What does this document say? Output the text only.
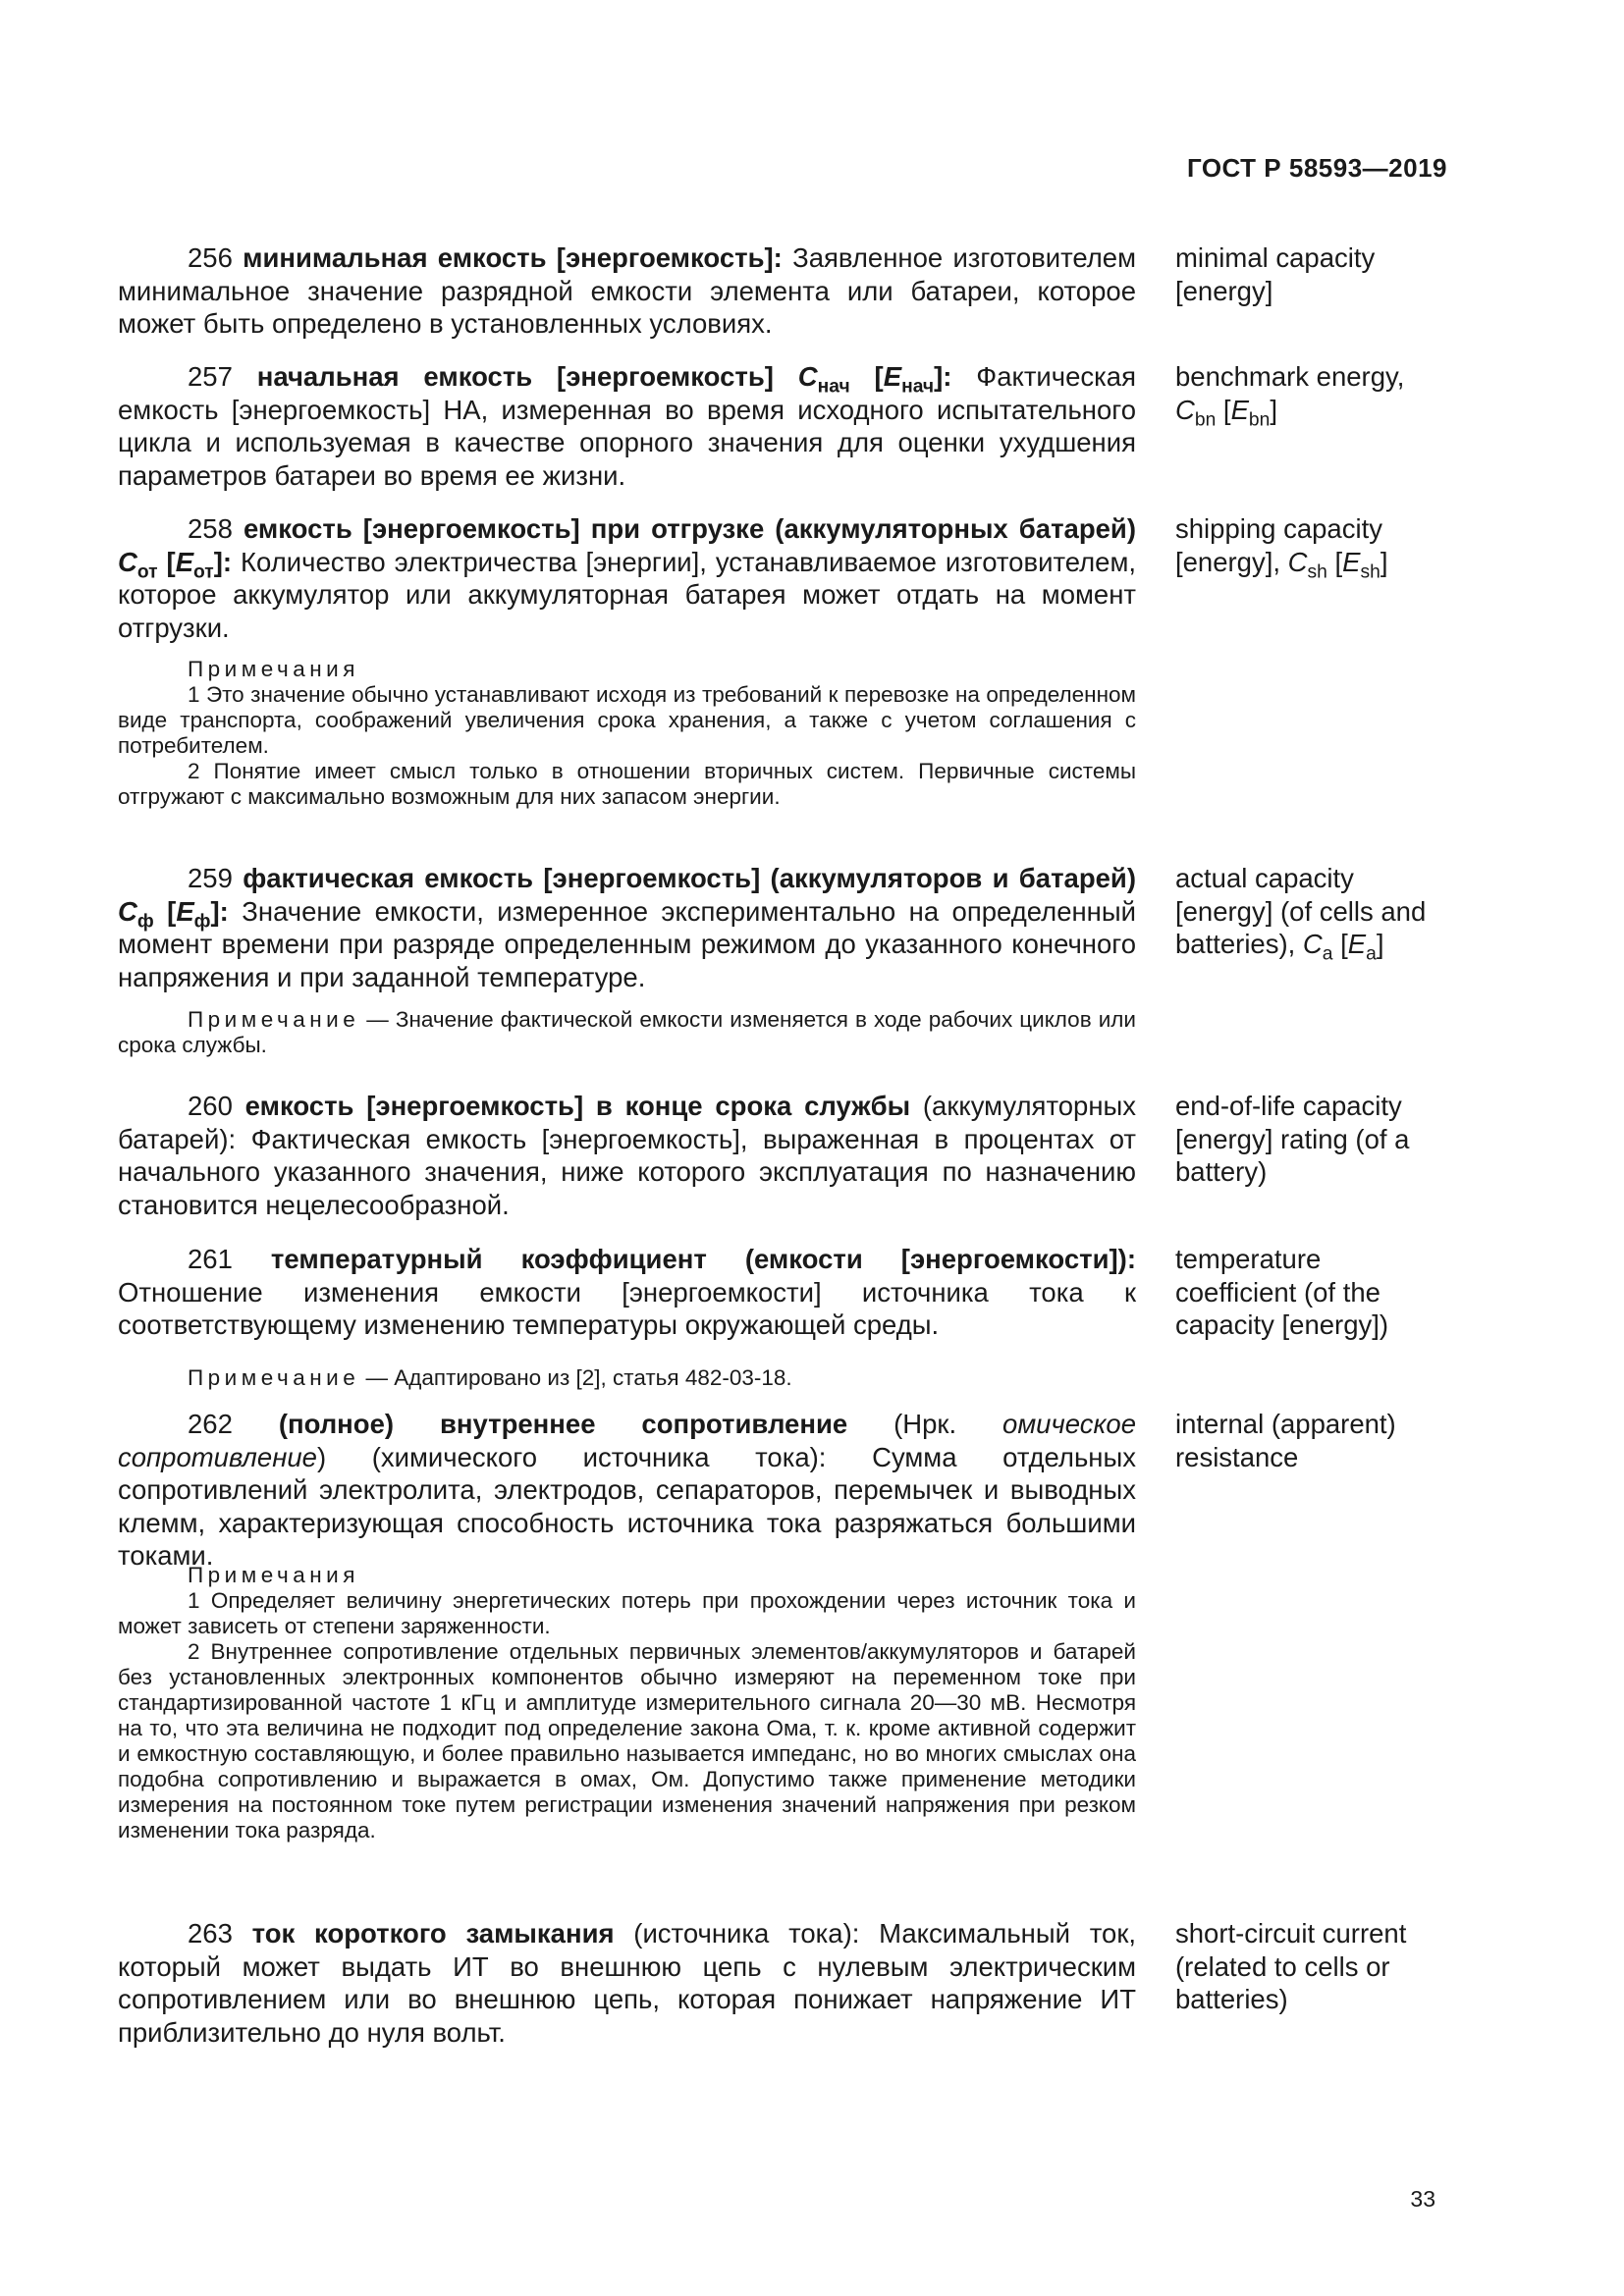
ГОСТ Р 58593—2019
256 минимальная емкость [энергоемкость]: Заявленное изготовителем минимальное значение разрядной емкости элемента или батареи, которое может быть определено в установленных условиях.
minimal capacity [energy]
257 начальная емкость [энергоемкость] $C_{нач}$ $[E_{нач}]$: Фактическая емкость [энергоемкость] НА, измеренная во время исходного испытательного цикла и используемая в качестве опорного значения для оценки ухудшения параметров батареи во время ее жизни.
benchmark energy,
$C_{bn}$ $[E_{bn}]$
258 емкость [энергоемкость] при отгрузке (аккумуляторных батарей) $C_{от}$ $[E_{от}]$: Количество электричества [энергии], устанавливаемое изготовителем, которое аккумулятор или аккумуляторная батарея может отдать на момент отгрузки.
shipping capacity [energy], $C_{sh}$ $[E_{sh}]$
Примечания
1 Это значение обычно устанавливают исходя из требований к перевозке на определенном виде транспорта, соображений увеличения срока хранения, а также с учетом соглашения с потребителем.
2 Понятие имеет смысл только в отношении вторичных систем. Первичные системы отгружают с максимально возможным для них запасом энергии.
259 фактическая емкость [энергоемкость] (аккумуляторов и батарей) $C_ф$ $[E_ф]$: Значение емкости, измеренное экспериментально на определенный момент времени при разряде определенным режимом до указанного конечного напряжения и при заданной температуре.
actual capacity [energy] (of cells and batteries), $C_a$ $[E_a]$
Примечание — Значение фактической емкости изменяется в ходе рабочих циклов или срока службы.
260 емкость [энергоемкость] в конце срока службы (аккумуляторных батарей): Фактическая емкость [энергоемкость], выраженная в процентах от начального указанного значения, ниже которого эксплуатация по назначению становится нецелесообразной.
end-of-life capacity [energy] rating (of a battery)
261 температурный коэффициент (емкости [энергоемкости]): Отношение изменения емкости [энергоемкости] источника тока к соответствующему изменению температуры окружающей среды.
temperature coefficient (of the capacity [energy])
Примечание — Адаптировано из [2], статья 482-03-18.
262 (полное) внутреннее сопротивление (Нрк. омическое сопротивление) (химического источника тока): Сумма отдельных сопротивлений электролита, электродов, сепараторов, перемычек и выводных клемм, характеризующая способность источника тока разряжаться большими токами.
internal (apparent) resistance
Примечания
1 Определяет величину энергетических потерь при прохождении через источник тока и может зависеть от степени заряженности.
2 Внутреннее сопротивление отдельных первичных элементов/аккумуляторов и батарей без установленных электронных компонентов обычно измеряют на переменном токе при стандартизированной частоте 1 кГц и амплитуде измерительного сигнала 20—30 мВ. Несмотря на то, что эта величина не подходит под определение закона Ома, т. к. кроме активной содержит и емкостную составляющую, и более правильно называется импеданс, но во многих смыслах она подобна сопротивлению и выражается в омах, Ом. Допустимо также применение методики измерения на постоянном токе путем регистрации изменения значений напряжения при резком изменении тока разряда.
263 ток короткого замыкания (источника тока): Максимальный ток, который может выдать ИТ во внешнюю цепь с нулевым электрическим сопротивлением или во внешнюю цепь, которая понижает напряжение ИТ приблизительно до нуля вольт.
short-circuit current (related to cells or batteries)
33
